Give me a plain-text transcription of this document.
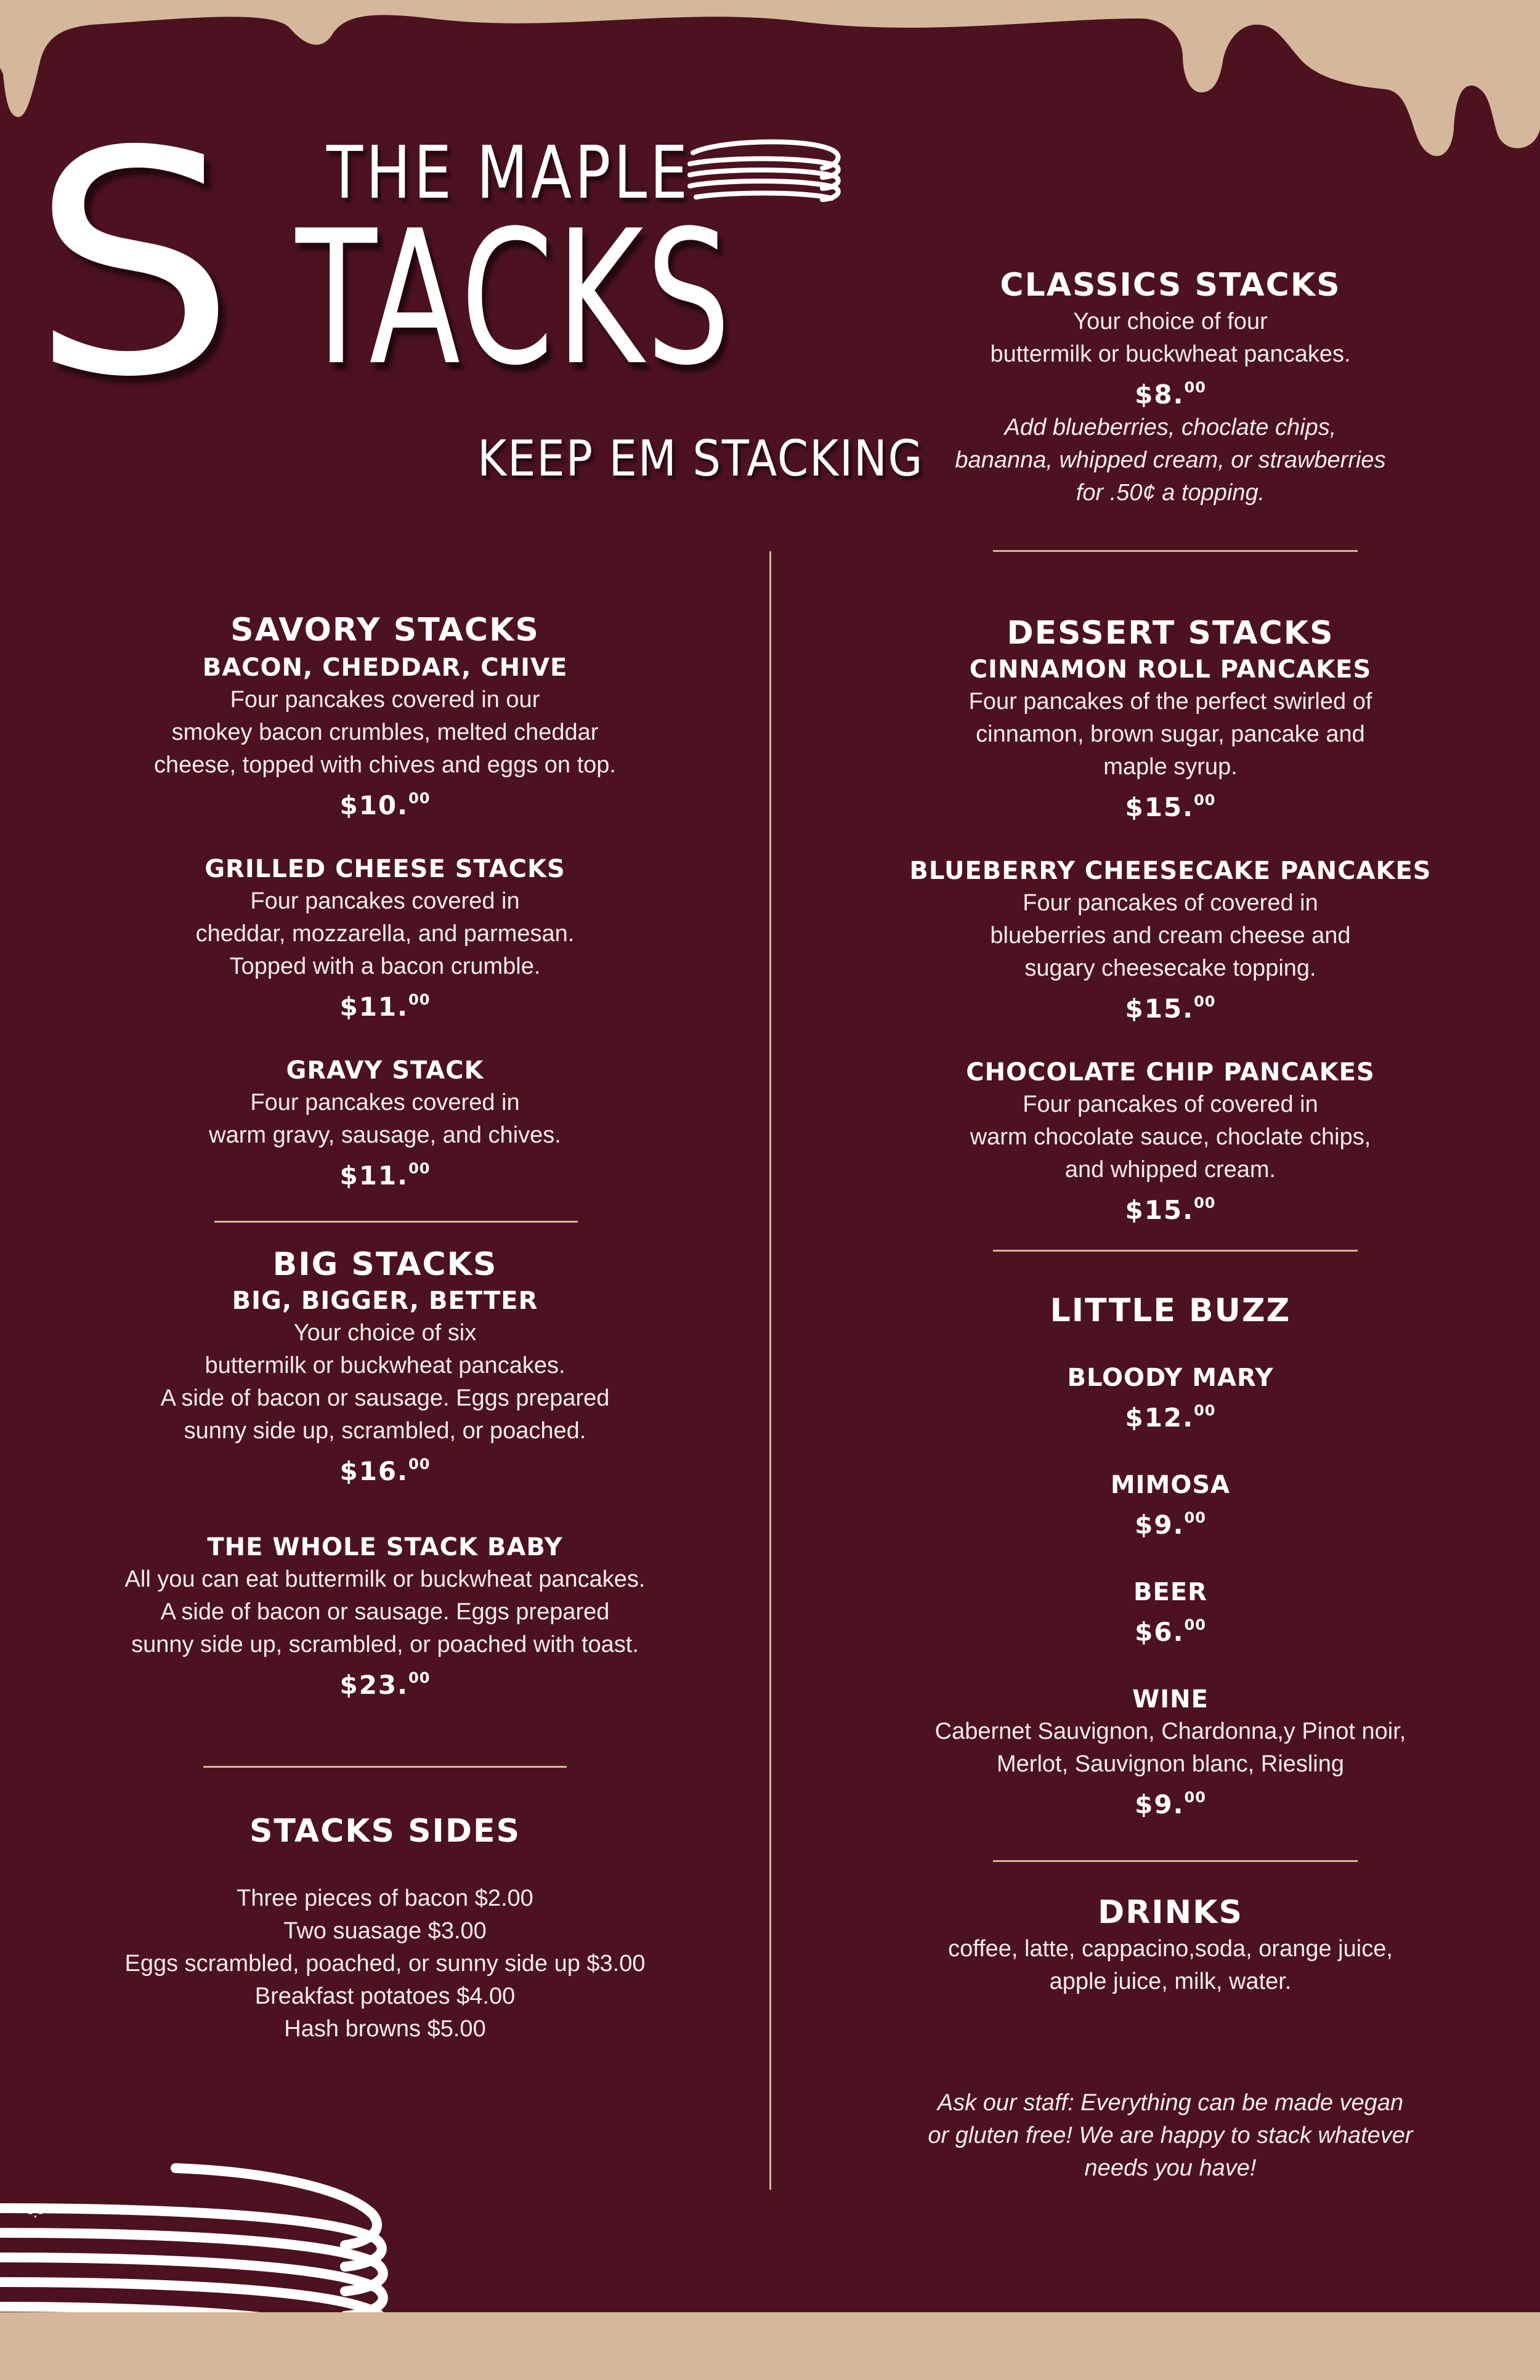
THE MAPLE
S TACKS
KEEP EM STACKING
CLASSICS STACKS
Your choice of four
buttermilk or buckwheat pancakes.
$8.00
Add blueberries, choclate chips,
bananna, whipped cream, or strawberries
for .50¢ a topping.
SAVORY STACKS
BACON, CHEDDAR, CHIVE
Four pancakes covered in our
smokey bacon crumbles, melted cheddar
cheese, topped with chives and eggs on top.
$10.00
GRILLED CHEESE STACKS
Four pancakes covered in
cheddar, mozzarella, and parmesan.
Topped with a bacon crumble.
$11.00
GRAVY STACK
Four pancakes covered in
warm gravy, sausage, and chives.
$11.00
BIG STACKS
BIG, BIGGER, BETTER
Your choice of six
buttermilk or buckwheat pancakes.
A side of bacon or sausage. Eggs prepared
sunny side up, scrambled, or poached.
$16.00
THE WHOLE STACK BABY
All you can eat buttermilk or buckwheat pancakes.
A side of bacon or sausage. Eggs prepared
sunny side up, scrambled, or poached with toast.
$23.00
STACKS SIDES
Three pieces of bacon $2.00
Two suasage $3.00
Eggs scrambled, poached, or sunny side up $3.00
Breakfast potatoes $4.00
Hash browns $5.00
DESSERT STACKS
CINNAMON ROLL PANCAKES
Four pancakes of the perfect swirled of
cinnamon, brown sugar, pancake and
maple syrup.
$15.00
BLUEBERRY CHEESECAKE PANCAKES
Four pancakes of covered in
blueberries and cream cheese and
sugary cheesecake topping.
$15.00
CHOCOLATE CHIP PANCAKES
Four pancakes of covered in
warm chocolate sauce, choclate chips,
and whipped cream.
$15.00
LITTLE BUZZ
BLOODY MARY
$12.00
MIMOSA
$9.00
BEER
$6.00
WINE
Cabernet Sauvignon, Chardonna,y Pinot noir,
Merlot, Sauvignon blanc, Riesling
$9.00
DRINKS
coffee, latte, cappacino,soda, orange juice,
apple juice, milk, water.
Ask our staff: Everything can be made vegan
or gluten free! We are happy to stack whatever
needs you have!
-.-
